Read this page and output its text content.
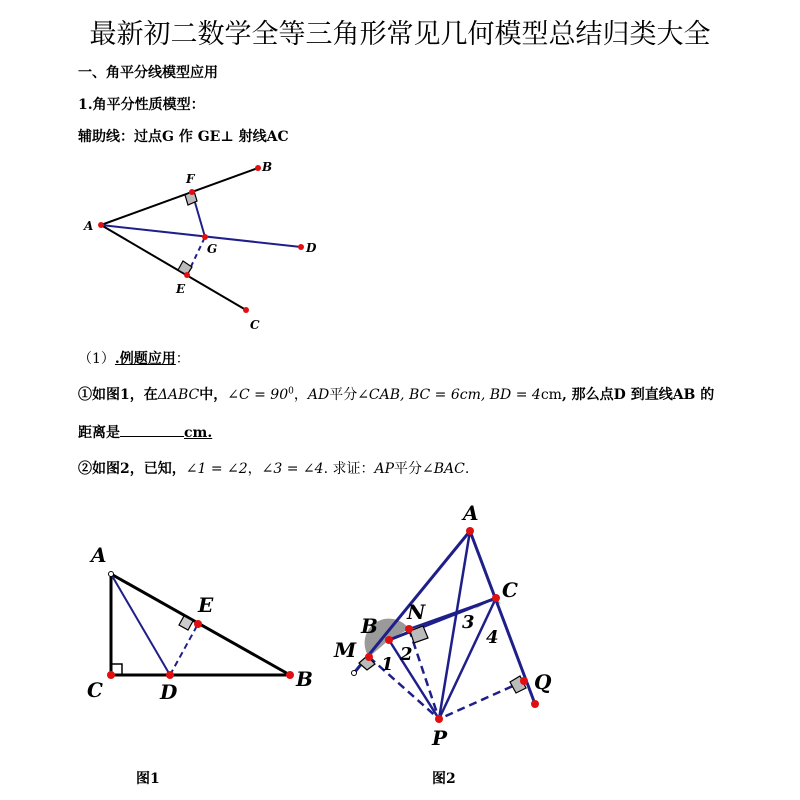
最新初二数学全等三角形常见几何模型总结归类大全
一、角平分线模型应用
1.角平分性质模型：
辅助线：过点G 作 GE⊥ 射线AC
（1）.例题应用：
①如图1，在ΔABC中，∠C = $90^0$，AD平分∠CAB, BC = 6cm, BD = 4cm, 那么点D 到直线AB 的
距离是	cm.
②如图2，已知，∠1 = ∠2，∠3 = ∠4. 求证：AP平分∠BAC.
A
B
F
G	D
E
C
A
C	D
B
E
A
C
B
N
M
Q
P
1 2
3
4
图1	图2
